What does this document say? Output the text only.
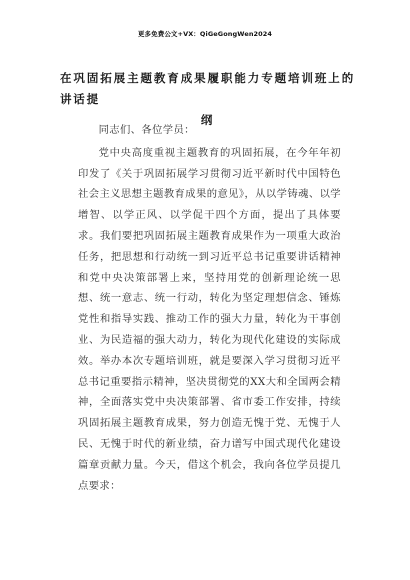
更多免费公文+VX：QiGeGongWen2024
在巩固拓展主题教育成果履职能力专题培训班上的讲话提
纲

同志们、各位学员：

党中央高度重视主题教育的巩固拓展，在今年年初印发了《关于巩固拓展学习贯彻习近平新时代中国特色社会主义思想主题教育成果的意见》，从以学铸魂、以学增智、以学正风、以学促干四个方面，提出了具体要求。我们要把巩固拓展主题教育成果作为一项重大政治任务，把思想和行动统一到习近平总书记重要讲话精神和党中央决策部署上来，坚持用党的创新理论统一思想、统一意志、统一行动，转化为坚定理想信念、锤炼党性和指导实践、推动工作的强大力量，转化为干事创业、为民造福的强大动力，转化为现代化建设的实际成效。举办本次专题培训班，就是要深入学习贯彻习近平总书记重要指示精神，坚决贯彻党的XX大和全国两会精神，全面落实党中央决策部署、省市委工作安排，持续巩固拓展主题教育成果，努力创造无愧于党、无愧于人民、无愧于时代的新业绩，奋力谱写中国式现代化建设篇章贡献力量。今天，借这个机会，我向各位学员提几点要求：
